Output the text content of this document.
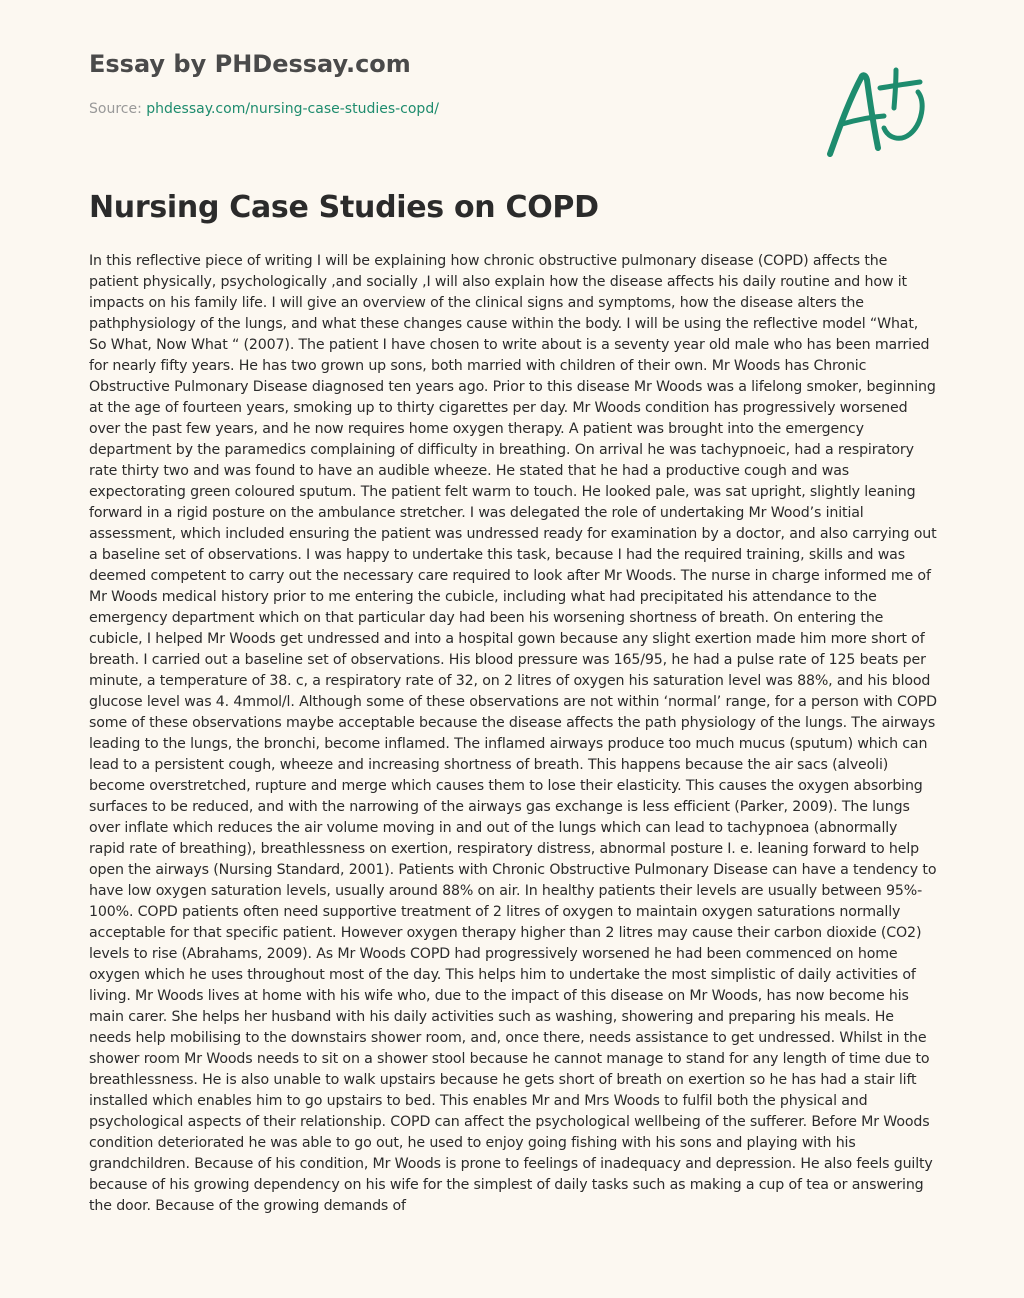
Essay by PHDessay.com
Source: phdessay.com/nursing-case-studies-copd/
Nursing Case Studies on COPD

In this reflective piece of writing I will be explaining how chronic obstructive pulmonary disease (COPD) affects the patient physically, psychologically ,and socially ,I will also explain how the disease affects his daily routine and how it impacts on his family life. I will give an overview of the clinical signs and symptoms, how the disease alters the pathphysiology of the lungs, and what these changes cause within the body. I will be using the reflective model “What, So What, Now What “ (2007). The patient I have chosen to write about is a seventy year old male who has been married for nearly fifty years. He has two grown up sons, both married with children of their own. Mr Woods has Chronic Obstructive Pulmonary Disease diagnosed ten years ago. Prior to this disease Mr Woods was a lifelong smoker, beginning at the age of fourteen years, smoking up to thirty cigarettes per day. Mr Woods condition has progressively worsened over the past few years, and he now requires home oxygen therapy. A patient was brought into the emergency department by the paramedics complaining of difficulty in breathing. On arrival he was tachypnoeic, had a respiratory rate thirty two and was found to have an audible wheeze. He stated that he had a productive cough and was expectorating green coloured sputum. The patient felt warm to touch. He looked pale, was sat upright, slightly leaning forward in a rigid posture on the ambulance stretcher. I was delegated the role of undertaking Mr Wood’s initial assessment, which included ensuring the patient was undressed ready for examination by a doctor, and also carrying out a baseline set of observations. I was happy to undertake this task, because I had the required training, skills and was deemed competent to carry out the necessary care required to look after Mr Woods. The nurse in charge informed me of Mr Woods medical history prior to me entering the cubicle, including what had precipitated his attendance to the emergency department which on that particular day had been his worsening shortness of breath. On entering the cubicle, I helped Mr Woods get undressed and into a hospital gown because any slight exertion made him more short of breath. I carried out a baseline set of observations. His blood pressure was 165/95, he had a pulse rate of 125 beats per minute, a temperature of 38. c, a respiratory rate of 32, on 2 litres of oxygen his saturation level was 88%, and his blood glucose level was 4. 4mmol/l. Although some of these observations are not within ‘normal’ range, for a person with COPD some of these observations maybe acceptable because the disease affects the path physiology of the lungs. The airways leading to the lungs, the bronchi, become inflamed. The inflamed airways produce too much mucus (sputum) which can lead to a persistent cough, wheeze and increasing shortness of breath. This happens because the air sacs (alveoli) become overstretched, rupture and merge which causes them to lose their elasticity. This causes the oxygen absorbing surfaces to be reduced, and with the narrowing of the airways gas exchange is less efficient (Parker, 2009). The lungs over inflate which reduces the air volume moving in and out of the lungs which can lead to tachypnoea (abnormally rapid rate of breathing), breathlessness on exertion, respiratory distress, abnormal posture I. e. leaning forward to help open the airways (Nursing Standard, 2001). Patients with Chronic Obstructive Pulmonary Disease can have a tendency to have low oxygen saturation levels, usually around 88% on air. In healthy patients their levels are usually between 95%- 100%. COPD patients often need supportive treatment of 2 litres of oxygen to maintain oxygen saturations normally acceptable for that specific patient. However oxygen therapy higher than 2 litres may cause their carbon dioxide (CO2) levels to rise (Abrahams, 2009). As Mr Woods COPD had progressively worsened he had been commenced on home oxygen which he uses throughout most of the day. This helps him to undertake the most simplistic of daily activities of living. Mr Woods lives at home with his wife who, due to the impact of this disease on Mr Woods, has now become his main carer. She helps her husband with his daily activities such as washing, showering and preparing his meals. He needs help mobilising to the downstairs shower room, and, once there, needs assistance to get undressed. Whilst in the shower room Mr Woods needs to sit on a shower stool because he cannot manage to stand for any length of time due to breathlessness. He is also unable to walk upstairs because he gets short of breath on exertion so he has had a stair lift installed which enables him to go upstairs to bed. This enables Mr and Mrs Woods to fulfil both the physical and psychological aspects of their relationship. COPD can affect the psychological wellbeing of the sufferer. Before Mr Woods condition deteriorated he was able to go out, he used to enjoy going fishing with his sons and playing with his grandchildren. Because of his condition, Mr Woods is prone to feelings of inadequacy and depression. He also feels guilty because of his growing dependency on his wife for the simplest of daily tasks such as making a cup of tea or answering the door. Because of the growing demands of
